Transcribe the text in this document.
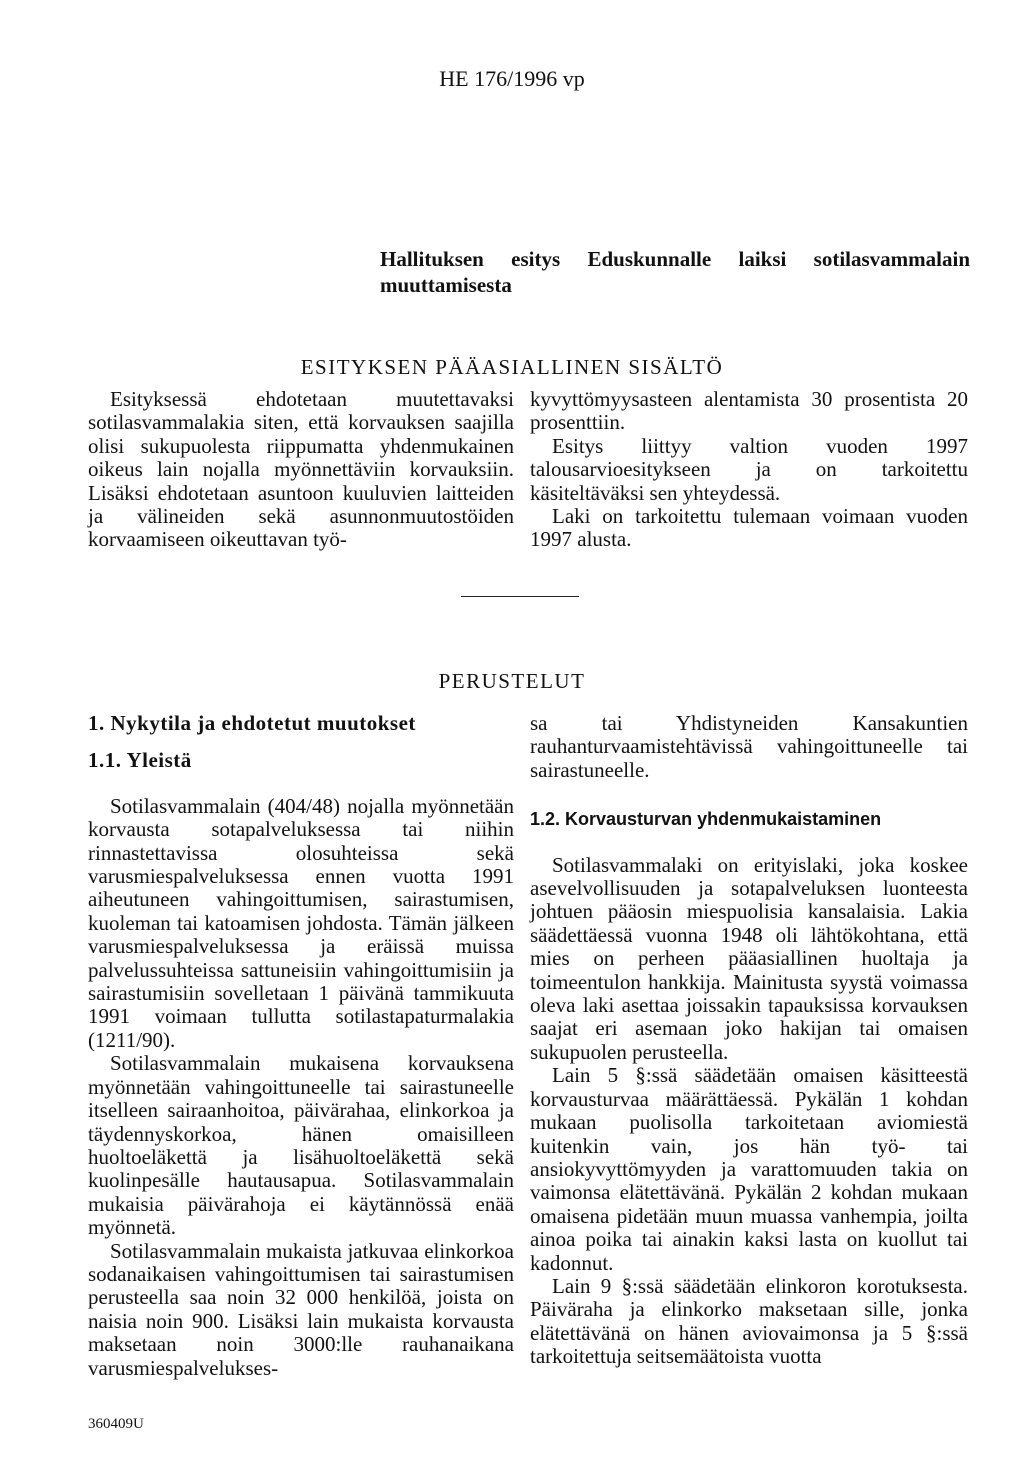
HE 176/1996 vp
Hallituksen esitys Eduskunnalle laiksi sotilasvammalain
muuttamisesta
ESITYKSEN PÄÄASIALLINEN SISÄLTÖ

Esityksessä ehdotetaan muutettavaksi sotilasvammalakia siten, että korvauksen saajilla olisi sukupuolesta riippumatta yhdenmukainen oikeus lain nojalla myönnettäviin korvauksiin. Lisäksi ehdotetaan asuntoon kuuluvien laitteiden ja välineiden sekä asunnonmuutostöiden korvaamiseen oikeuttavan työ-

kyvyttömyysasteen alentamista 30 prosentista 20 prosenttiin.

Esitys liittyy valtion vuoden 1997 talousarvioesitykseen ja on tarkoitettu käsiteltäväksi sen yhteydessä.

Laki on tarkoitettu tulemaan voimaan vuoden 1997 alusta.

PERUSTELUT
1. Nykytila ja ehdotetut muutokset
1.1. Yleistä

Sotilasvammalain (404/48) nojalla myönnetään korvausta sotapalveluksessa tai niihin rinnastettavissa olosuhteissa sekä varusmiespalveluksessa ennen vuotta 1991 aiheutuneen vahingoittumisen, sairastumisen, kuoleman tai katoamisen johdosta. Tämän jälkeen varusmiespalveluksessa ja eräissä muissa palvelussuhteissa sattuneisiin vahingoittumisiin ja sairastumisiin sovelletaan 1 päivänä tammikuuta 1991 voimaan tullutta sotilastapaturmalakia (1211/90).

Sotilasvammalain mukaisena korvauksena myönnetään vahingoittuneelle tai sairastuneelle itselleen sairaanhoitoa, päivärahaa, elinkorkoa ja täydennyskorkoa, hänen omaisilleen huoltoeläkettä ja lisähuoltoeläkettä sekä kuolinpesälle hautausapua. Sotilasvammalain mukaisia päivärahoja ei käytännössä enää myönnetä.

Sotilasvammalain mukaista jatkuvaa elinkorkoa sodanaikaisen vahingoittumisen tai sairastumisen perusteella saa noin 32 000 henkilöä, joista on naisia noin 900. Lisäksi lain mukaista korvausta maksetaan noin 3000:lle rauhanaikana varusmiespalvelukses-

sa tai Yhdistyneiden Kansakuntien rauhanturvaamistehtävissä vahingoittuneelle tai sairastuneelle.

1.2. Korvausturvan yhdenmukaistaminen

Sotilasvammalaki on erityislaki, joka koskee asevelvollisuuden ja sotapalveluksen luonteesta johtuen pääosin miespuolisia kansalaisia. Lakia säädettäessä vuonna 1948 oli lähtökohtana, että mies on perheen pääasiallinen huoltaja ja toimeentulon hankkija. Mainitusta syystä voimassa oleva laki asettaa joissakin tapauksissa korvauksen saajat eri asemaan joko hakijan tai omaisen sukupuolen perusteella.

Lain 5 §:ssä säädetään omaisen käsitteestä korvausturvaa määrättäessä. Pykälän 1 kohdan mukaan puolisolla tarkoitetaan aviomiestä kuitenkin vain, jos hän työ- tai ansiokyvyttömyyden ja varattomuuden takia on vaimonsa elätettävänä. Pykälän 2 kohdan mukaan omaisena pidetään muun muassa vanhempia, joilta ainoa poika tai ainakin kaksi lasta on kuollut tai kadonnut.

Lain 9 §:ssä säädetään elinkoron korotuksesta. Päiväraha ja elinkorko maksetaan sille, jonka elätettävänä on hänen aviovaimonsa ja 5 §:ssä tarkoitettuja seitsemäätoista vuotta

360409U
